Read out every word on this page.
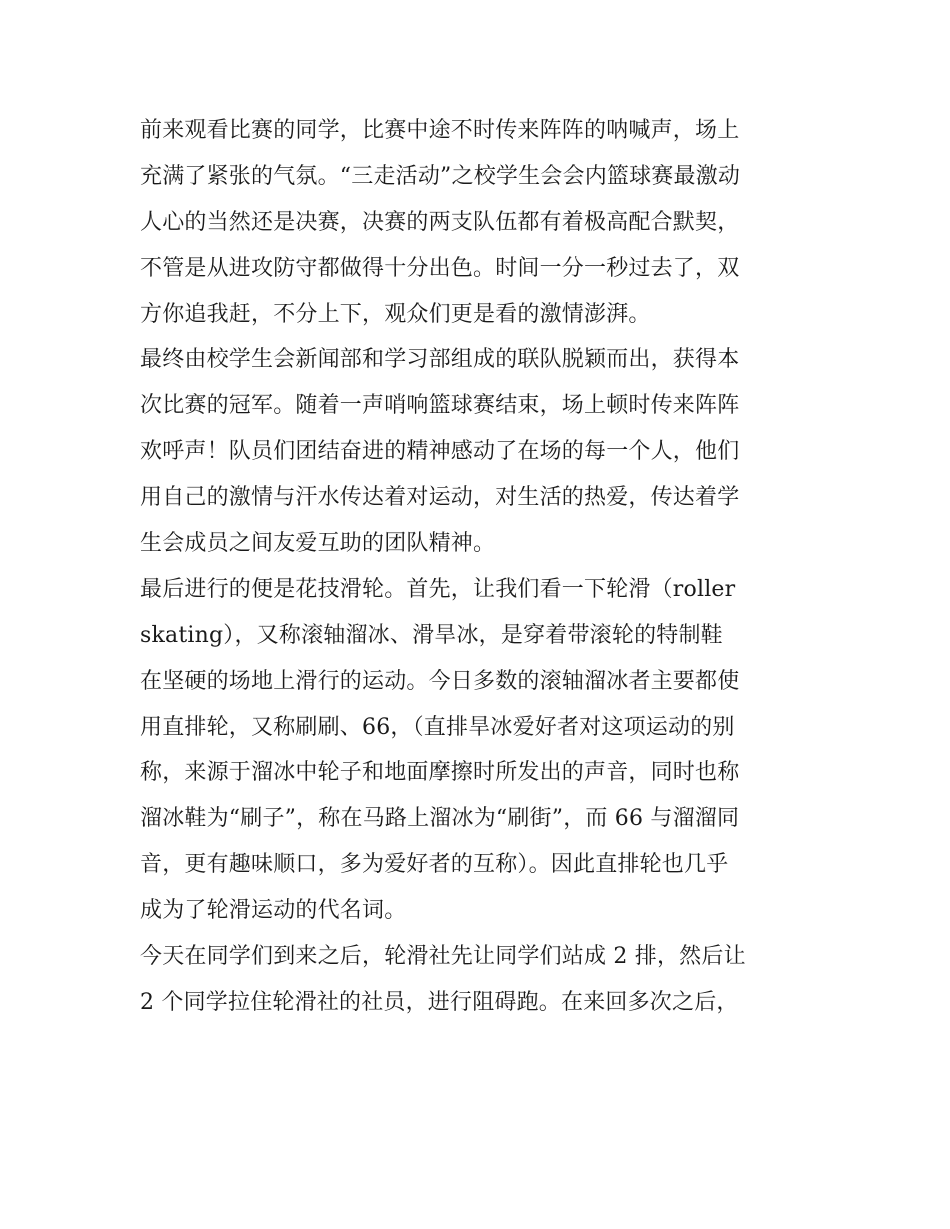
前来观看比赛的同学，比赛中途不时传来阵阵的呐喊声，场上
充满了紧张的气氛。“三走活动”之校学生会会内篮球赛最激动
人心的当然还是决赛，决赛的两支队伍都有着极高配合默契，
不管是从进攻防守都做得十分出色。时间一分一秒过去了，双
方你追我赶，不分上下，观众们更是看的激情澎湃。
最终由校学生会新闻部和学习部组成的联队脱颖而出，获得本
次比赛的冠军。随着一声哨响篮球赛结束，场上顿时传来阵阵
欢呼声！队员们团结奋进的精神感动了在场的每一个人，他们
用自己的激情与汗水传达着对运动，对生活的热爱，传达着学
生会成员之间友爱互助的团队精神。
最后进行的便是花技滑轮。首先，让我们看一下轮滑（roller
skating），又称滚轴溜冰、滑旱冰，是穿着带滚轮的特制鞋
在坚硬的场地上滑行的运动。今日多数的滚轴溜冰者主要都使
用直排轮，又称刷刷、66，（直排旱冰爱好者对这项运动的别
称，来源于溜冰中轮子和地面摩擦时所发出的声音，同时也称
溜冰鞋为“刷子”，称在马路上溜冰为“刷街”，而 66 与溜溜同
音，更有趣味顺口，多为爱好者的互称）。因此直排轮也几乎
成为了轮滑运动的代名词。
今天在同学们到来之后，轮滑社先让同学们站成 2 排，然后让
2 个同学拉住轮滑社的社员，进行阻碍跑。在来回多次之后，
